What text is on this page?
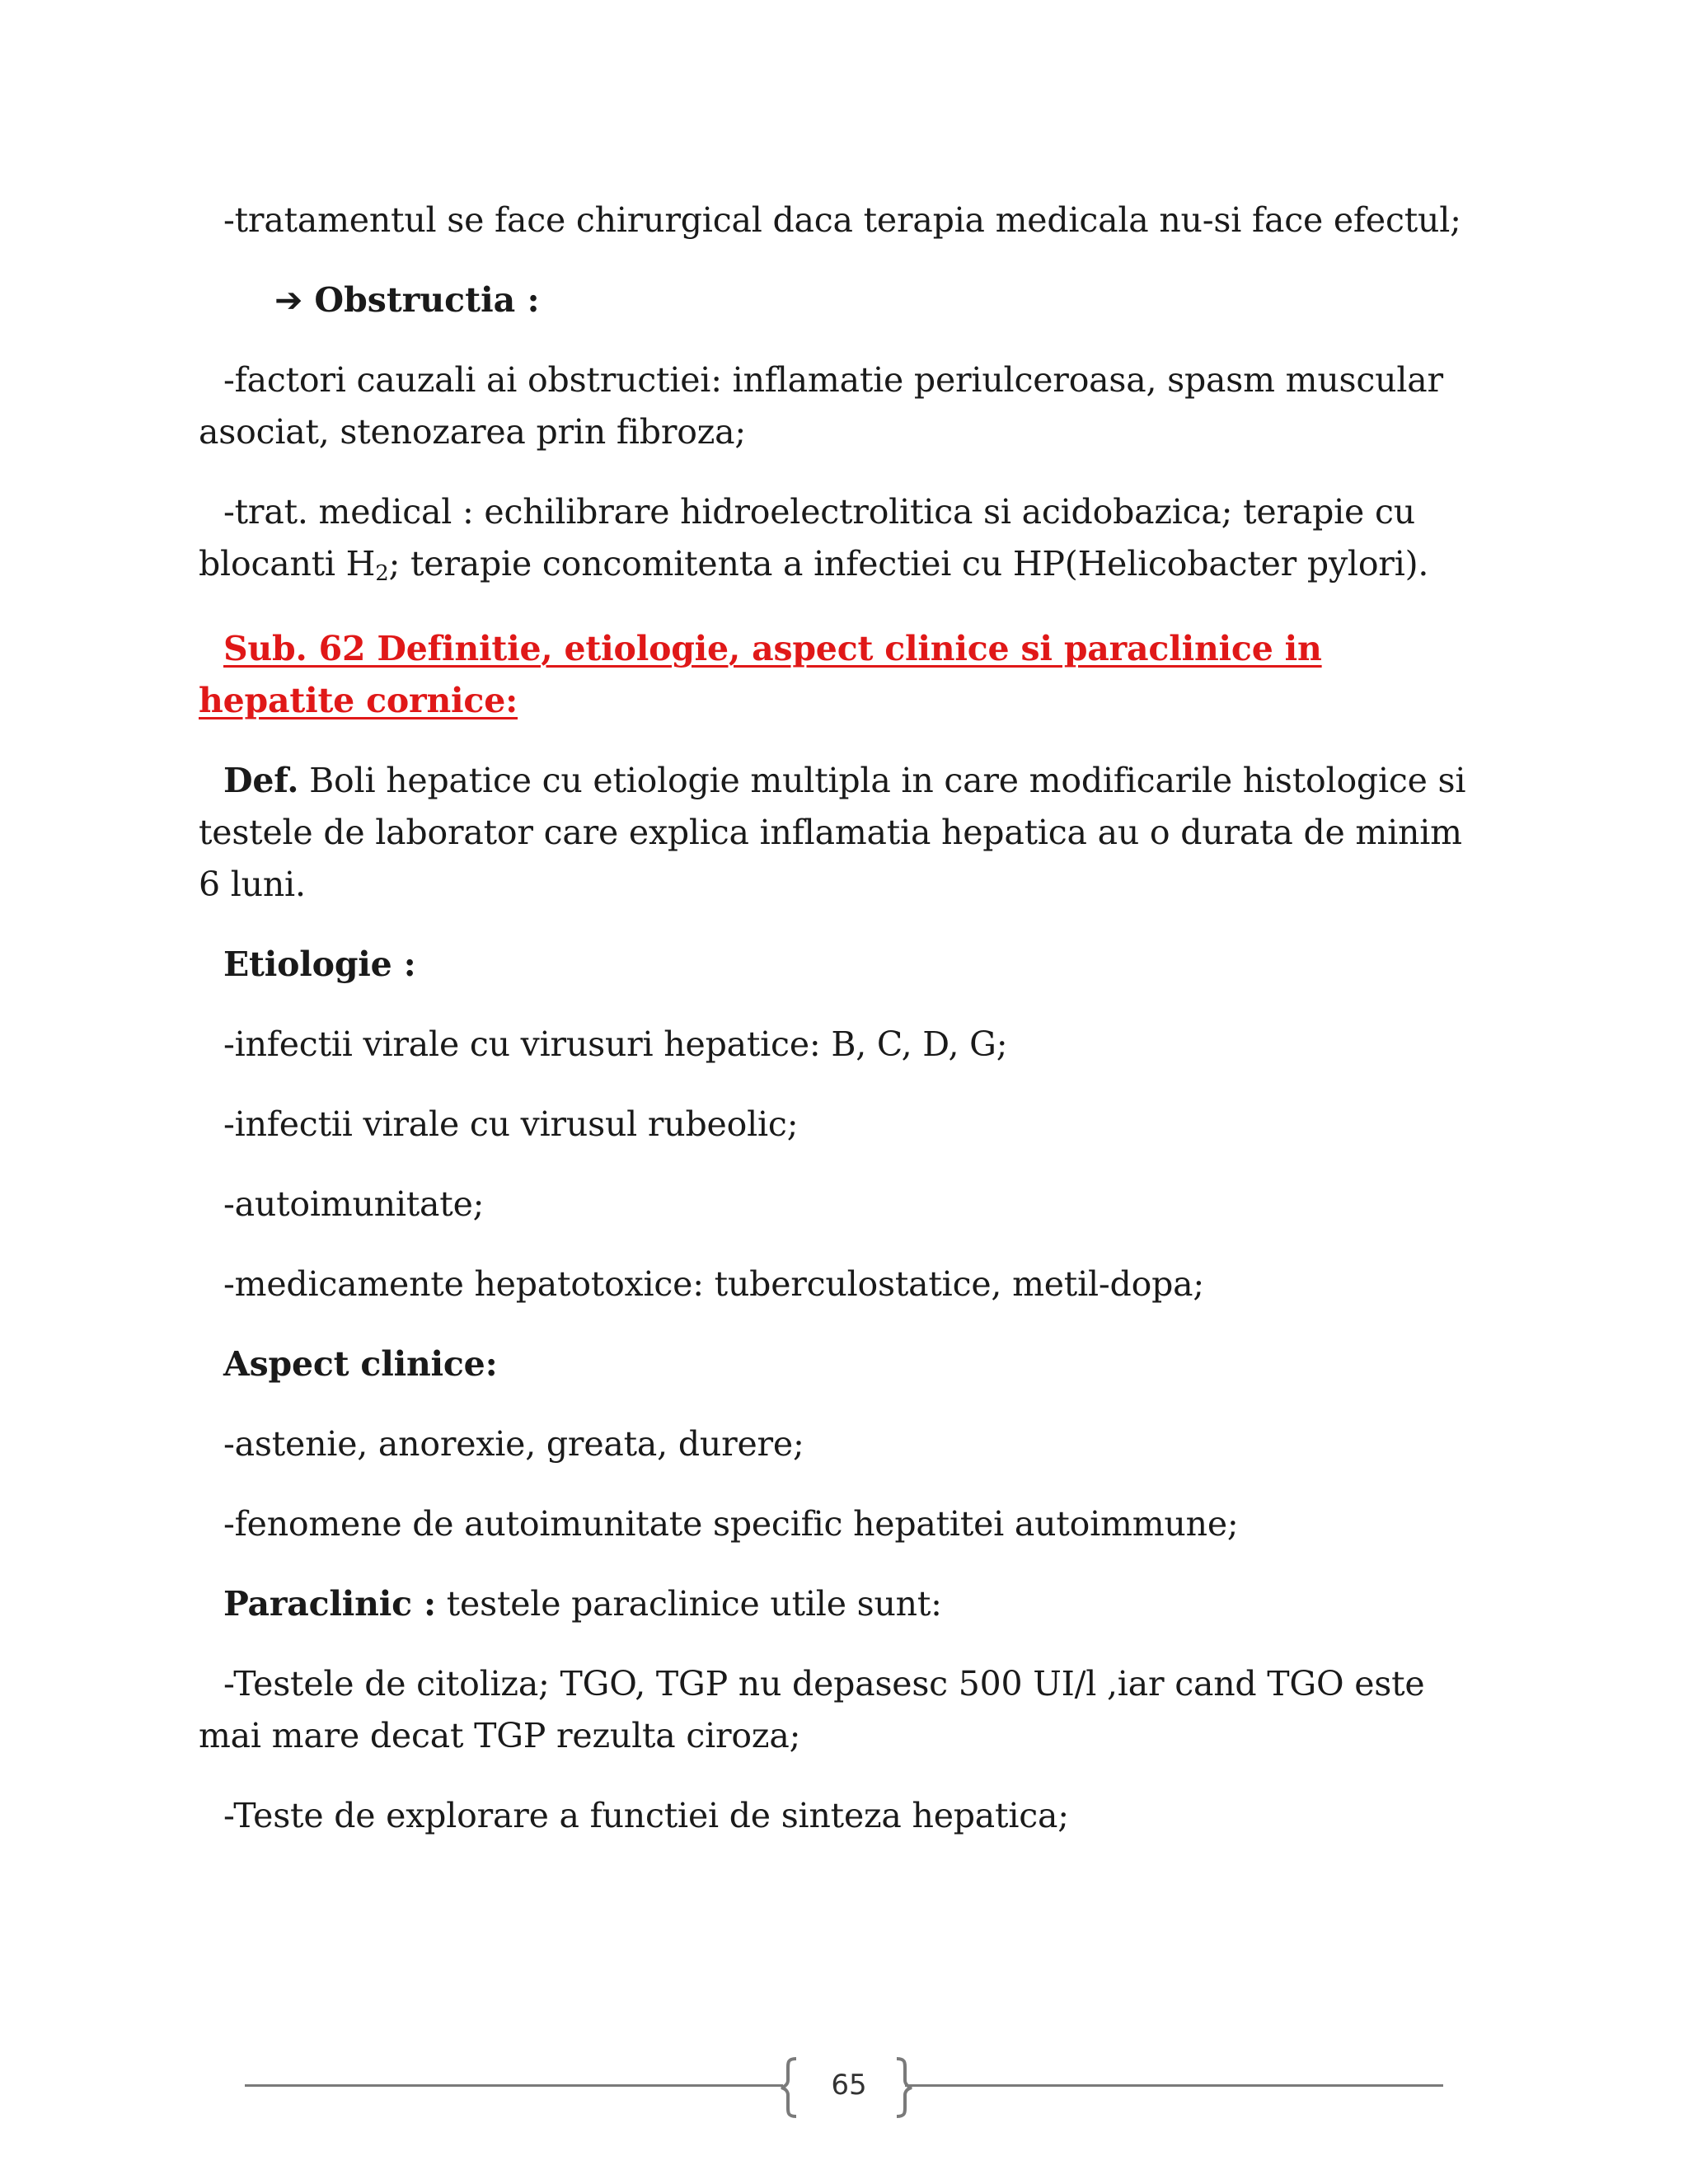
-tratamentul se face chirurgical daca terapia medicala nu-si face efectul;

➔ Obstructia :

-factori cauzali ai obstructiei: inflamatie periulceroasa, spasm muscular asociat, stenozarea prin fibroza;

-trat. medical : echilibrare hidroelectrolitica si acidobazica; terapie cu blocanti $H_2$; terapie concomitenta a infectiei cu HP(Helicobacter pylori).

Sub. 62 Definitie, etiologie, aspect clinice si paraclinice in hepatite cornice:

Def. Boli hepatice cu etiologie multipla in care modificarile histologice si testele de laborator care explica inflamatia hepatica au o durata de minim 6 luni.

Etiologie :

-infectii virale cu virusuri hepatice: B, C, D, G;

-infectii virale cu virusul rubeolic;

-autoimunitate;

-medicamente hepatotoxice: tuberculostatice, metil-dopa;

Aspect clinice:

-astenie, anorexie, greata, durere;

-fenomene de autoimunitate specific hepatitei autoimmune;

Paraclinic : testele paraclinice utile sunt:

-Testele de citoliza; TGO, TGP nu depasesc 500 UI/l ,iar cand TGO este mai mare decat TGP rezulta ciroza;

-Teste de explorare a functiei de sinteza hepatica;

65
